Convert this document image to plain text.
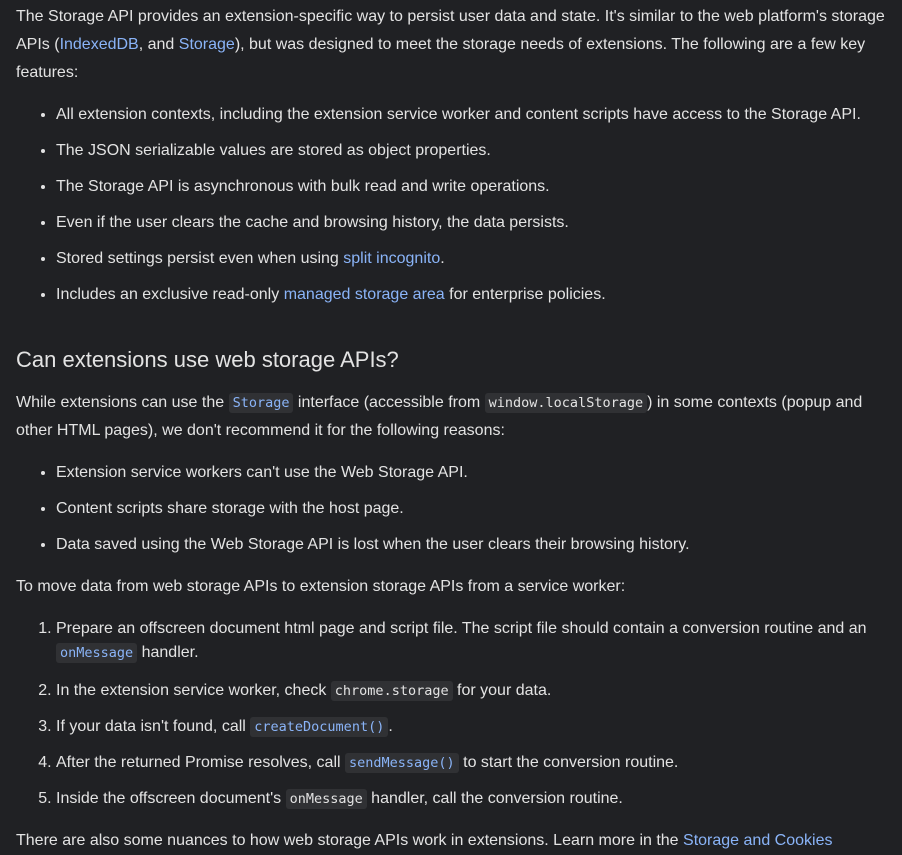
The Storage API provides an extension-specific way to persist user data and state. It's similar to the web platform's storage APIs (IndexedDB, and Storage), but was designed to meet the storage needs of extensions. The following are a few key features:

• All extension contexts, including the extension service worker and content scripts have access to the Storage API.
• The JSON serializable values are stored as object properties.
• The Storage API is asynchronous with bulk read and write operations.
• Even if the user clears the cache and browsing history, the data persists.
• Stored settings persist even when using split incognito.
• Includes an exclusive read-only managed storage area for enterprise policies.
Can extensions use web storage APIs?

While extensions can use the Storage interface (accessible from window.localStorage ) in some contexts (popup and other HTML pages), we don't recommend it for the following reasons:

• Extension service workers can't use the Web Storage API.
• Content scripts share storage with the host page.
• Data saved using the Web Storage API is lost when the user clears their browsing history.

To move data from web storage APIs to extension storage APIs from a service worker:

1. Prepare an offscreen document html page and script file. The script file should contain a conversion routine and an onMessage handler.
2. In the extension service worker, check chrome.storage for your data.
3. If your data isn't found, call createDocument() .
4. After the returned Promise resolves, call sendMessage() to start the conversion routine.
5. Inside the offscreen document's onMessage handler, call the conversion routine.

There are also some nuances to how web storage APIs work in extensions. Learn more in the Storage and Cookies
